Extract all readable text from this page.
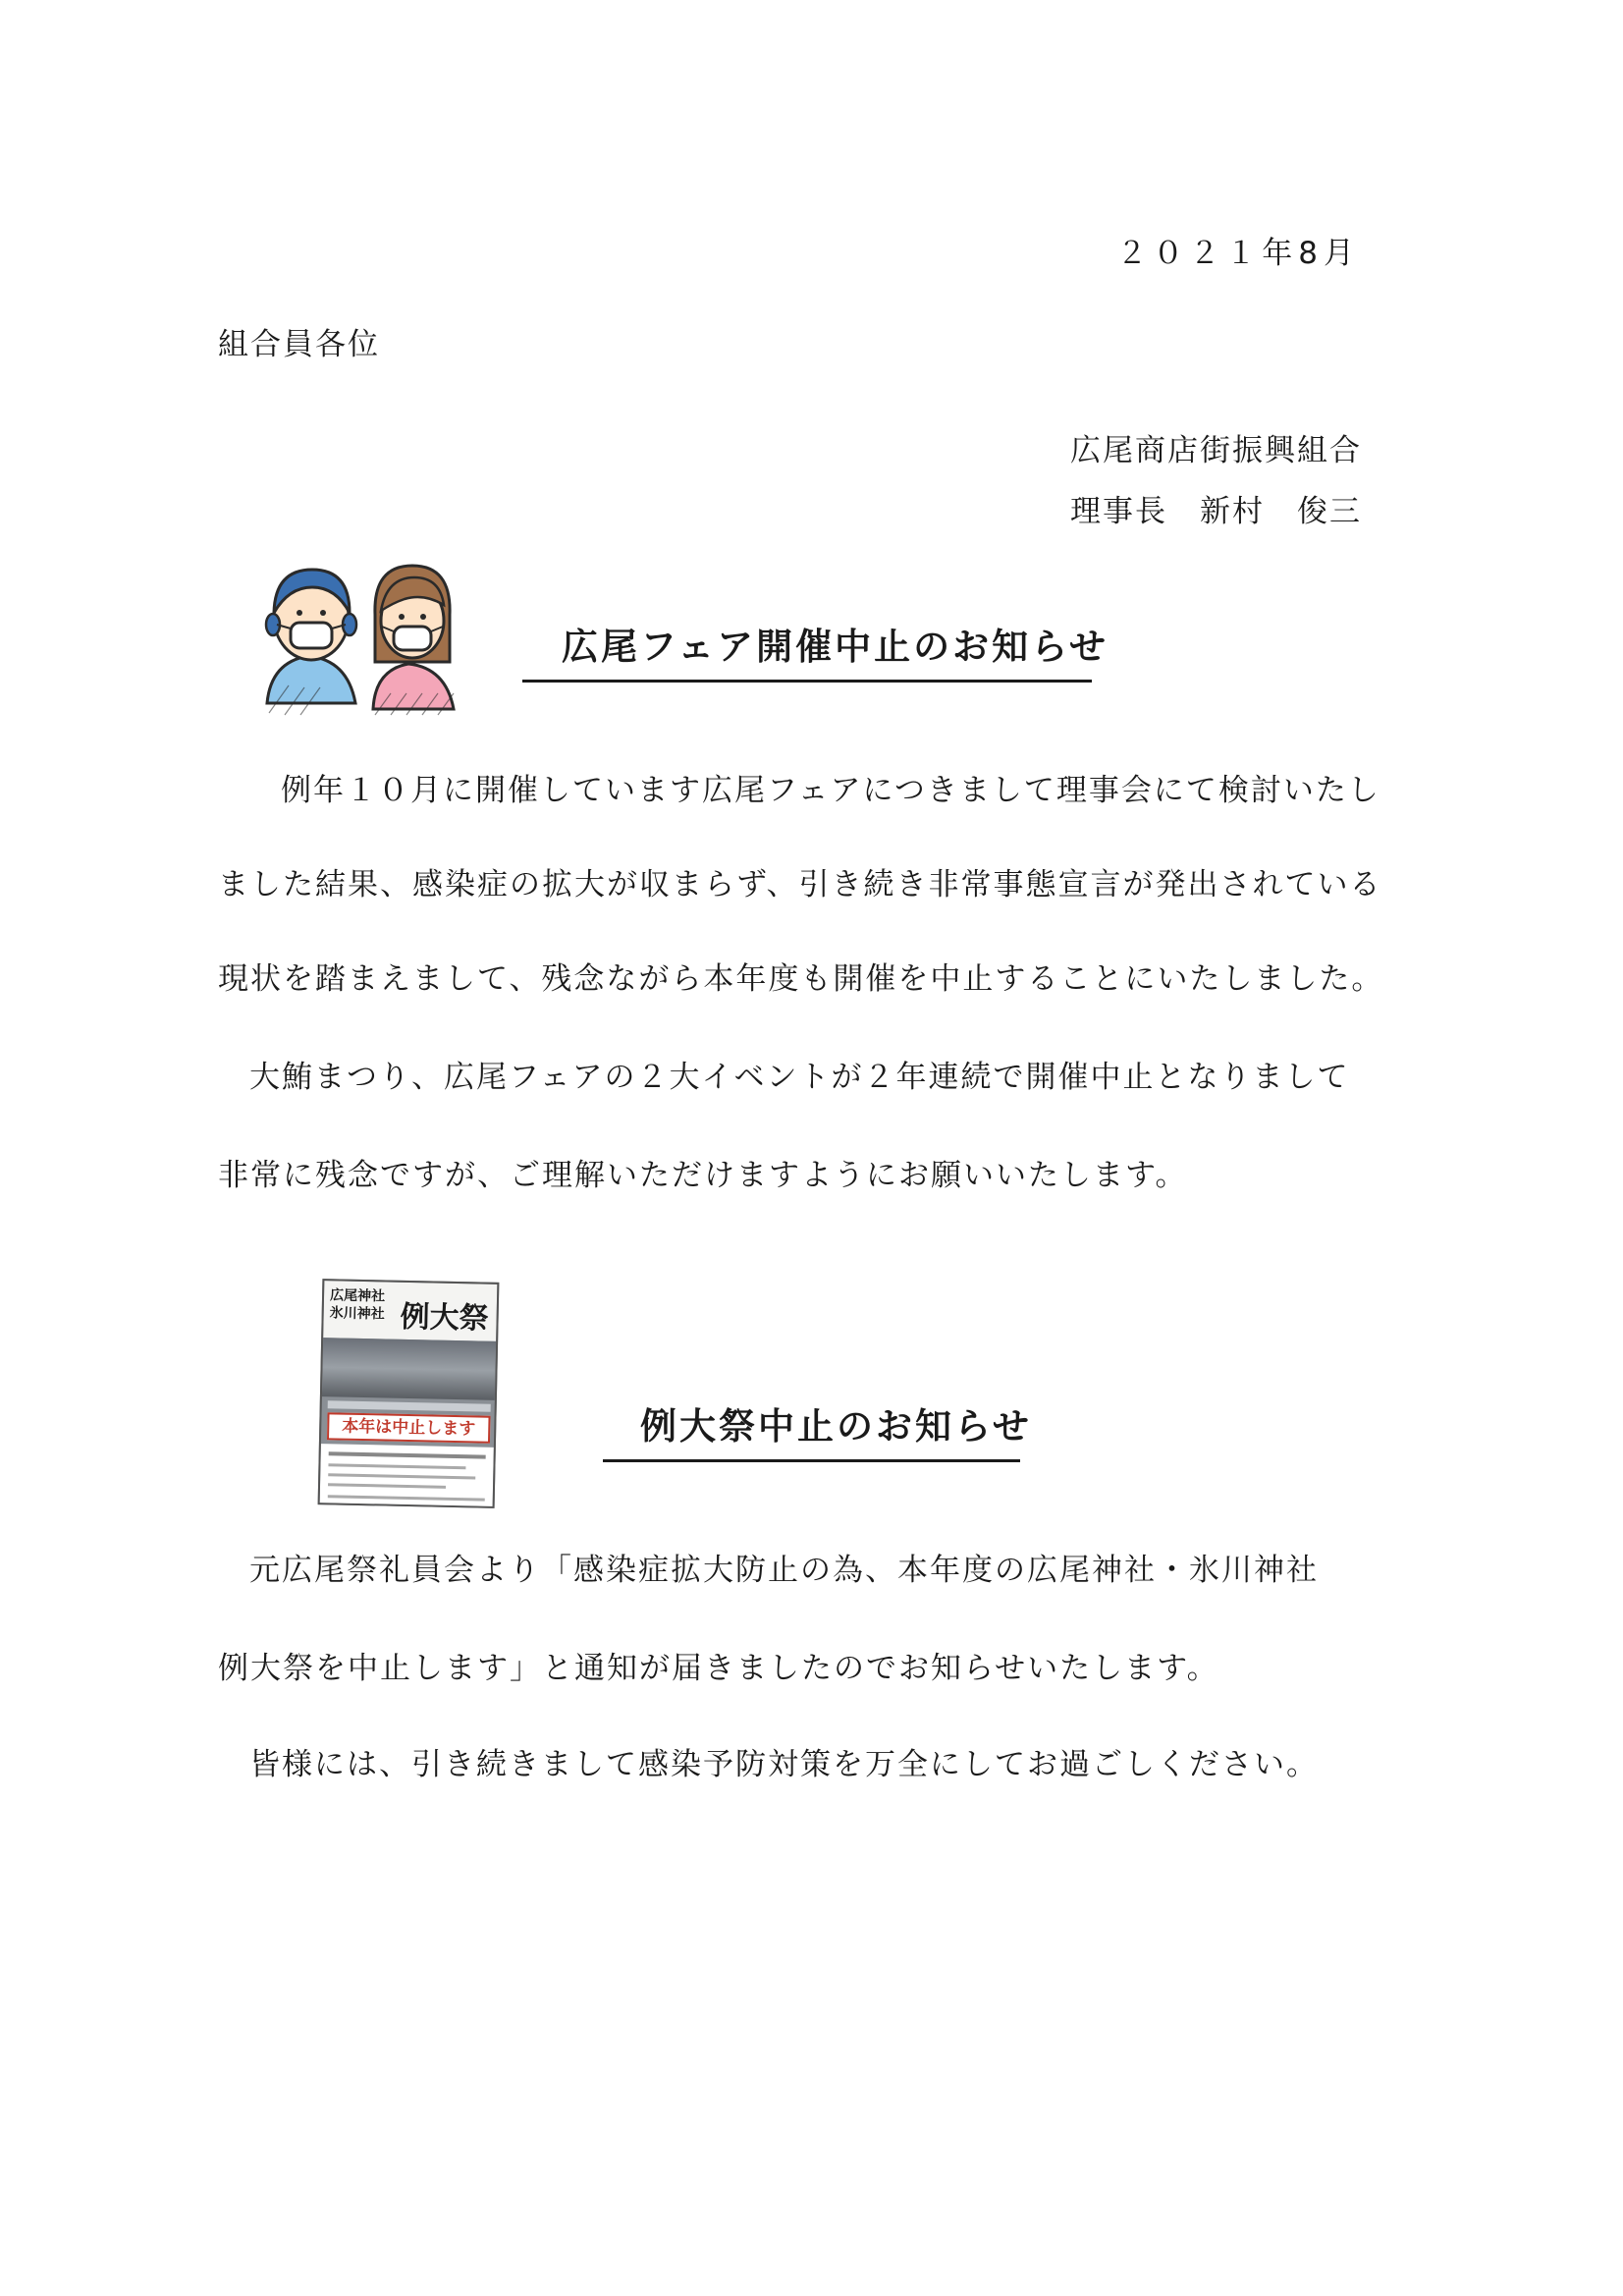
２０２１年8月
組合員各位
広尾商店街振興組合
理事長　新村　俊三
広尾フェア開催中止のお知らせ
例年１０月に開催しています広尾フェアにつきまして理事会にて検討いたし
ました結果、感染症の拡大が収まらず、引き続き非常事態宣言が発出されている
現状を踏まえまして、残念ながら本年度も開催を中止することにいたしました。
大鮪まつり、広尾フェアの２大イベントが２年連続で開催中止となりまして
非常に残念ですが、ご理解いただけますようにお願いいたします。
広尾神社
氷川神社 例大祭
本年は中止します	例大祭中止のお知らせ
元広尾祭礼員会より「感染症拡大防止の為、本年度の広尾神社・氷川神社
例大祭を中止します」と通知が届きましたのでお知らせいたします。
皆様には、引き続きまして感染予防対策を万全にしてお過ごしください。
